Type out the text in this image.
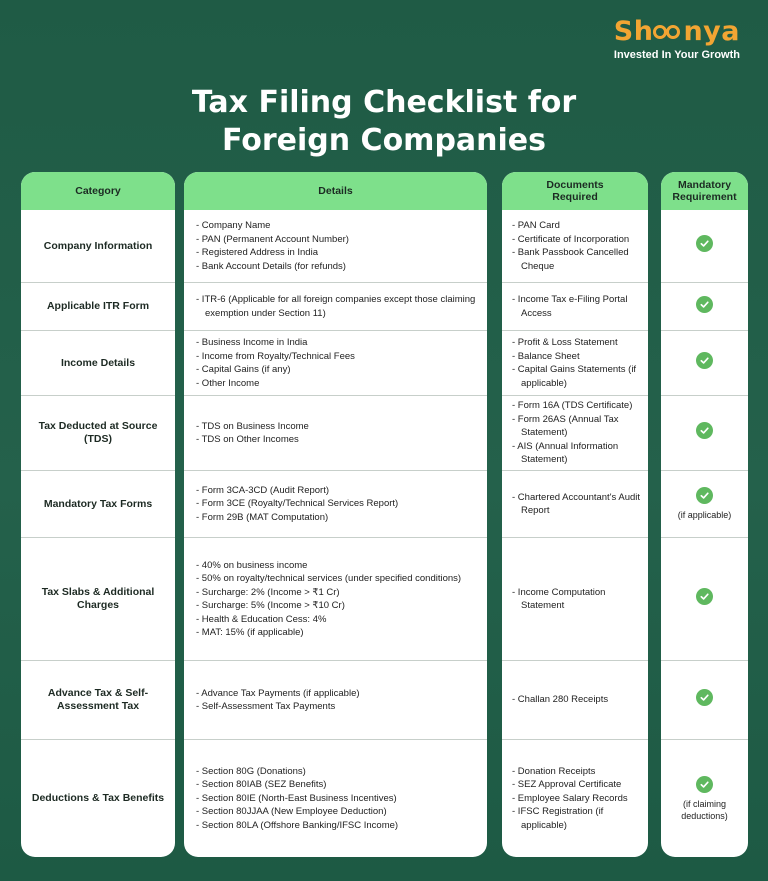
Sh nya
Invested In Your Growth
Tax Filing Checklist for
Foreign Companies
Category
Company Information
Applicable ITR Form
Income Details
Tax Deducted at Source (TDS)
Mandatory Tax Forms
Tax Slabs & Additional Charges
Advance Tax & Self-Assessment Tax
Deductions & Tax Benefits
Details
- Company Name
- PAN (Permanent Account Number)
- Registered Address in India
- Bank Account Details (for refunds)
- ITR-6 (Applicable for all foreign companies except those claiming exemption under Section 11)
- Business Income in India
- Income from Royalty/Technical Fees
- Capital Gains (if any)
- Other Income
- TDS on Business Income
- TDS on Other Incomes
- Form 3CA-3CD (Audit Report)
- Form 3CE (Royalty/Technical Services Report)
- Form 29B (MAT Computation)
- 40% on business income
- 50% on royalty/technical services (under specified conditions)
- Surcharge: 2% (Income > ₹1 Cr)
- Surcharge: 5% (Income > ₹10 Cr)
- Health & Education Cess: 4%
- MAT: 15% (if applicable)
- Advance Tax Payments (if applicable)
- Self-Assessment Tax Payments
- Section 80G (Donations)
- Section 80IAB (SEZ Benefits)
- Section 80IE (North-East Business Incentives)
- Section 80JJAA (New Employee Deduction)
- Section 80LA (Offshore Banking/IFSC Income)
Documents
Required
- PAN Card
- Certificate of Incorporation
- Bank Passbook Cancelled Cheque
- Income Tax e-Filing Portal Access
- Profit & Loss Statement
- Balance Sheet
- Capital Gains Statements (if applicable)
- Form 16A (TDS Certificate)
- Form 26AS (Annual Tax Statement)
- AIS (Annual Information Statement)
- Chartered Accountant's Audit Report
- Income Computation Statement
- Challan 280 Receipts
- Donation Receipts
- SEZ Approval Certificate
- Employee Salary Records
- IFSC Registration (if applicable)
Mandatory
Requirement
(if applicable)
(if claiming deductions)
